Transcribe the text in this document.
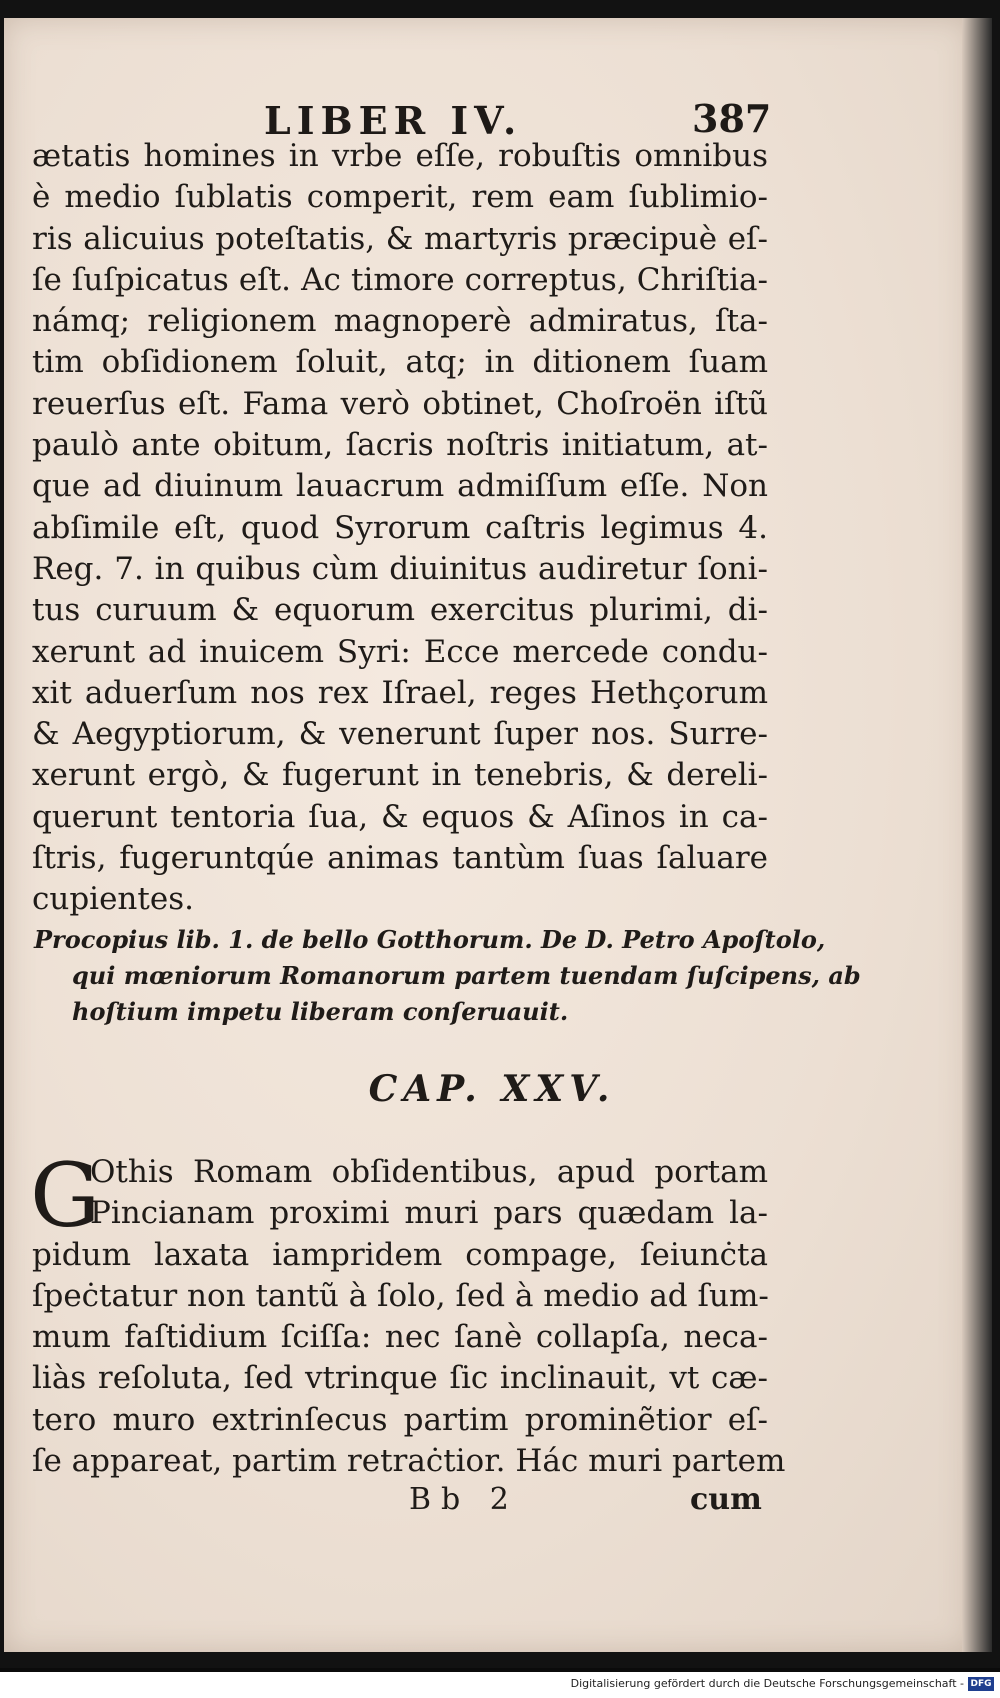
LIBER IV.	387
ætatis homines in vrbe eſſe, robuſtis omnibus
è medio ſublatis comperit, rem eam ſublimio-
ris alicuius poteſtatis, & martyris præcipuè eſ-
ſe ſuſpicatus eſt. Ac timore correptus, Chriſtia-
námq; religionem magnoperè admiratus, ſta-
tim obſidionem ſoluit, atq; in ditionem ſuam
reuerſus eſt. Fama verò obtinet, Choſroën iſtũ
paulò ante obitum, ſacris noſtris initiatum, at-
que ad diuinum lauacrum admiſſum eſſe. Non
abſimile eſt, quod Syrorum caſtris legimus 4.
Reg. 7. in quibus cùm diuinitus audiretur ſoni-
tus curuum & equorum exercitus plurimi, di-
xerunt ad inuicem Syri: Ecce mercede condu-
xit aduerſum nos rex Iſrael, reges Hethçorum
& Aegyptiorum, & venerunt ſuper nos. Surre-
xerunt ergò, & fugerunt in tenebris, & dereli-
querunt tentoria ſua, & equos & Aſinos in ca-
ſtris, fugeruntqúe animas tantùm ſuas ſaluare
cupientes.
Procopius lib. 1. de bello Gotthorum. De D. Petro Apoſtolo,
qui mœniorum Romanorum partem tuendam ſuſcipens, ab
hoſtium impetu liberam conſeruauit.
CAP. XXV.
G
Othis Romam obſidentibus, apud portam
Pincianam proximi muri pars quædam la-
pidum laxata iampridem compage, ſeiunċta
ſpeċtatur non tantũ à ſolo, ſed à medio ad ſum-
mum faſtidium ſciſſa: nec ſanè collapſa, neca-
liàs reſoluta, ſed vtrinque ſic inclinauit, vt cæ-
tero muro extrinſecus partim prominẽtior eſ-
ſe appareat, partim retraċtior. Hác muri partem
Bb 2	cum
Digitalisierung gefördert durch die Deutsche Forschungsgemeinschaft - DFG
